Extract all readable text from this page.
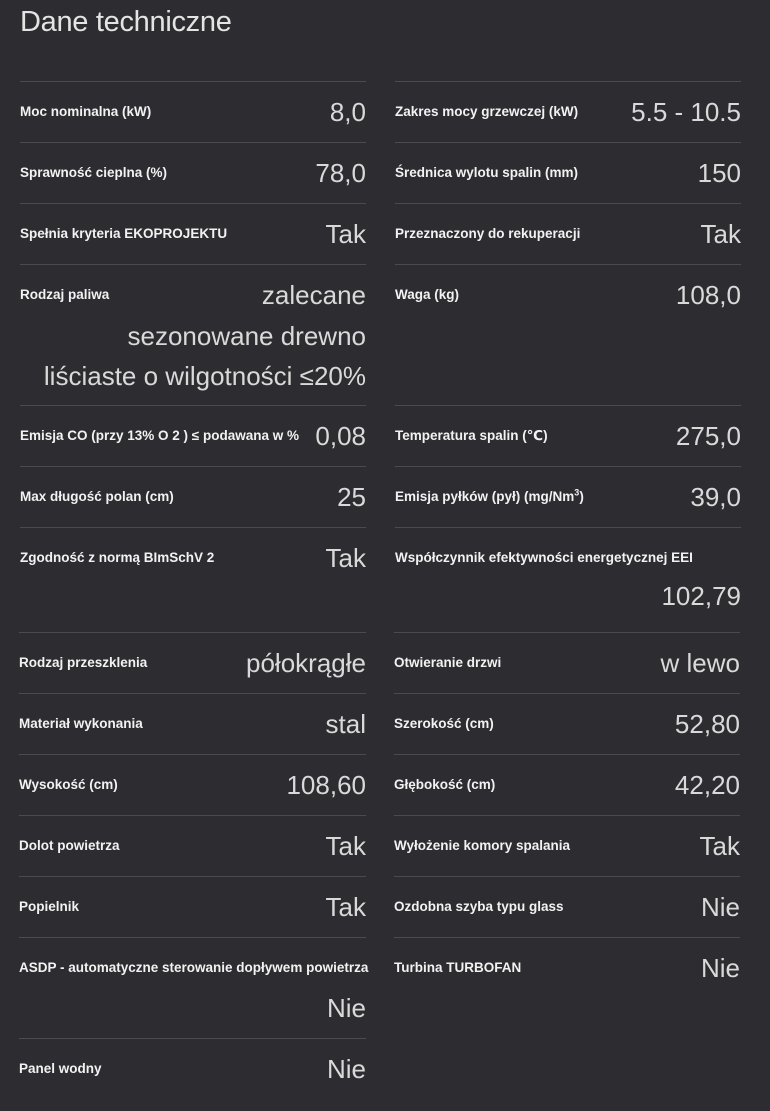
Dane techniczne
Moc nominalna (kW)	8,0
Sprawność cieplna (%)	78,0
Spełnia kryteria EKOPROJEKTU	Tak
Rodzaj paliwa	zalecane
sezonowane drewno
liściaste o wilgotności ≤20%
Emisja CO (przy 13% O 2 ) ≤ podawana w % 0,08
Max długość polan (cm)	25
Zgodność z normą BImSchV 2	Tak
Zakres mocy grzewczej (kW) 5.5 - 10.5
Średnica wylotu spalin (mm)	150
Przeznaczony do rekuperacji	Tak
Waga (kg)	108,0
Temperatura spalin (℃)	275,0
Emisja pyłków (pył) (mg/Nm$^3$)	39,0
Współczynnik efektywności energetycznej EEI
102,79
Rodzaj przeszklenia	półokrągłe
Materiał wykonania	stal
Wysokość (cm)	108,60
Dolot powietrza	Tak
Popielnik	Tak
ASDP - automatyczne sterowanie dopływem powietrza
Nie
Panel wodny	Nie
Otwieranie drzwi	w lewo
Szerokość (cm)	52,80
Głębokość (cm)	42,20
Wyłożenie komory spalania	Tak
Ozdobna szyba typu glass	Nie
Turbina TURBOFAN	Nie
